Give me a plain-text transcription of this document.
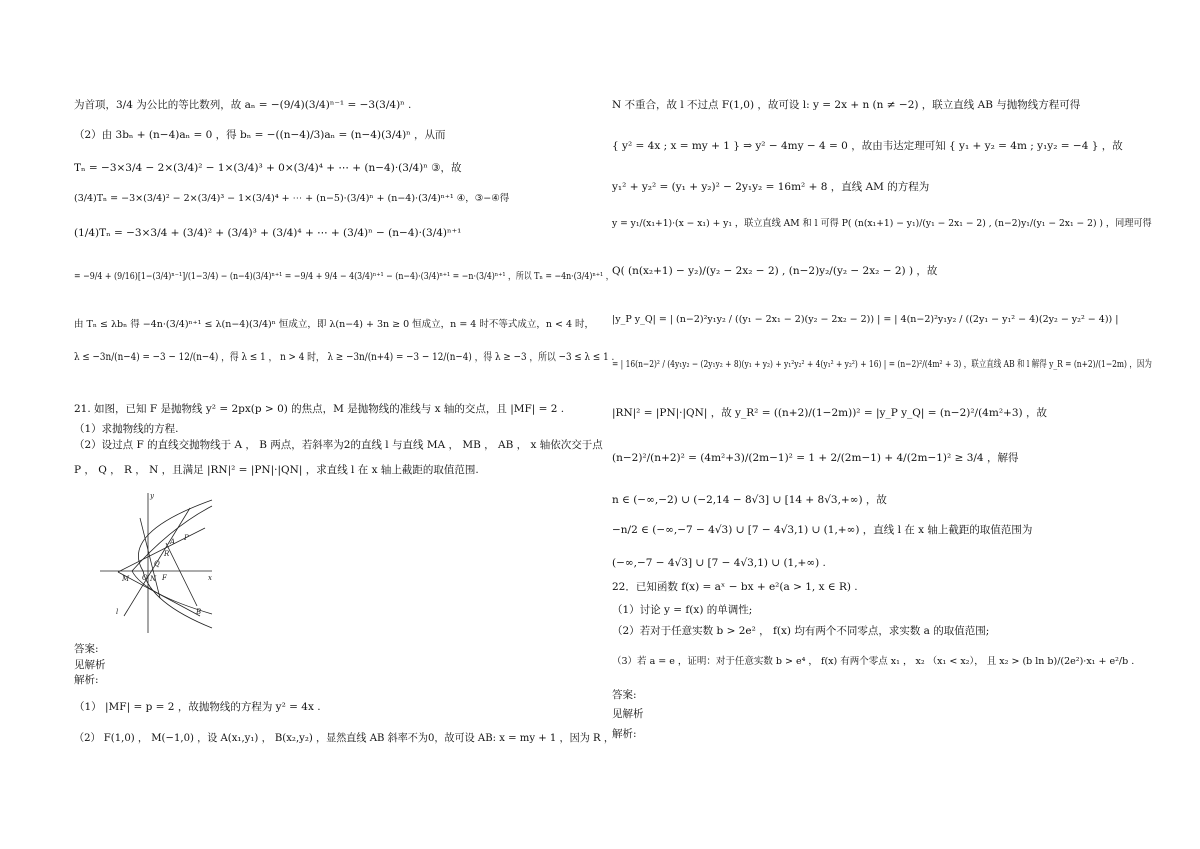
为首项，3/4 为公比的等比数列，故 aₙ = −(9/4)(3/4)ⁿ⁻¹ = −3(3/4)ⁿ .
（2）由 3bₙ + (n−4)aₙ = 0 ，得 bₙ = −((n−4)/3)aₙ = (n−4)(3/4)ⁿ ，从而
Tₙ = −3×3/4 − 2×(3/4)² − 1×(3/4)³ + 0×(3/4)⁴ + ⋯ + (n−4)·(3/4)ⁿ ③，故
(3/4)Tₙ = −3×(3/4)² − 2×(3/4)³ − 1×(3/4)⁴ + ⋯ + (n−5)·(3/4)ⁿ + (n−4)·(3/4)ⁿ⁺¹ ④，③−④得
(1/4)Tₙ = −3×3/4 + (3/4)² + (3/4)³ + (3/4)⁴ + ⋯ + (3/4)ⁿ − (n−4)·(3/4)ⁿ⁺¹
= −9/4 + (9/16)[1−(3/4)ⁿ⁻¹]/(1−3/4) − (n−4)(3/4)ⁿ⁺¹ = −9/4 + 9/4 − 4(3/4)ⁿ⁺¹ − (n−4)·(3/4)ⁿ⁺¹ = −n·(3/4)ⁿ⁺¹ ，所以 Tₙ = −4n·(3/4)ⁿ⁺¹ ，
由 Tₙ ≤ λbₙ 得 −4n·(3/4)ⁿ⁺¹ ≤ λ(n−4)(3/4)ⁿ 恒成立，即 λ(n−4) + 3n ≥ 0 恒成立，n = 4 时不等式成立，n < 4 时，
λ ≤ −3n/(n−4) = −3 − 12/(n−4) ，得 λ ≤ 1 ， n > 4 时， λ ≥ −3n/(n+4) = −3 − 12/(n−4) ，得 λ ≥ −3 ，所以 −3 ≤ λ ≤ 1 .
21. 如图，已知 F 是抛物线 y² = 2px(p > 0) 的焦点，M 是抛物线的准线与 x 轴的交点，且 |MF| = 2 .
（1）求抛物线的方程.
（2）设过点 F 的直线交抛物线于 A ， B 两点，若斜率为2的直线 l 与直线 MA ， MB ， AB ， x 轴依次交于点
P ， Q ， R ， N ，且满足 |RN|² = |PN|·|QN| ，求直线 l 在 x 轴上截距的取值范围.
y
x
M O N F
P
R
A
Q
B
l
答案:
见解析
解析:
（1） |MF| = p = 2 ，故抛物线的方程为 y² = 4x .
（2） F(1,0) ， M(−1,0) ，设 A(x₁,y₁) ， B(x₂,y₂) ，显然直线 AB 斜率不为0，故可设 AB: x = my + 1 ，因为 R ，
N 不重合，故 l 不过点 F(1,0) ，故可设 l: y = 2x + n (n ≠ −2) ，联立直线 AB 与抛物线方程可得
{ y² = 4x ; x = my + 1 } ⇒ y² − 4my − 4 = 0 ，故由韦达定理可知 { y₁ + y₂ = 4m ; y₁y₂ = −4 } ，故
y₁² + y₂² = (y₁ + y₂)² − 2y₁y₂ = 16m² + 8 ，直线 AM 的方程为
y = y₁/(x₁+1)·(x − x₁) + y₁ ，联立直线 AM 和 l 可得 P( (n(x₁+1) − y₁)/(y₁ − 2x₁ − 2) , (n−2)y₁/(y₁ − 2x₁ − 2) ) ，同理可得
Q( (n(x₂+1) − y₂)/(y₂ − 2x₂ − 2) , (n−2)y₂/(y₂ − 2x₂ − 2) ) ，故
|y_P y_Q| = | (n−2)²y₁y₂ / ((y₁ − 2x₁ − 2)(y₂ − 2x₂ − 2)) | = | 4(n−2)²y₁y₂ / ((2y₁ − y₁² − 4)(2y₂ − y₂² − 4)) |
= | 16(n−2)² / (4y₁y₂ − (2y₁y₂ + 8)(y₁ + y₂) + y₁²y₂² + 4(y₁² + y₂²) + 16) | = (n−2)²/(4m² + 3) ，联立直线 AB 和 l 解得 y_R = (n+2)/(1−2m) ，因为
|RN|² = |PN|·|QN| ，故 y_R² = ((n+2)/(1−2m))² = |y_P y_Q| = (n−2)²/(4m²+3) ，故
(n−2)²/(n+2)² = (4m²+3)/(2m−1)² = 1 + 2/(2m−1) + 4/(2m−1)² ≥ 3/4 ，解得
n ∈ (−∞,−2) ∪ (−2,14 − 8√3] ∪ [14 + 8√3,+∞) ，故
−n/2 ∈ (−∞,−7 − 4√3) ∪ [7 − 4√3,1) ∪ (1,+∞) ，直线 l 在 x 轴上截距的取值范围为
(−∞,−7 − 4√3] ∪ [7 − 4√3,1) ∪ (1,+∞) .
22．已知函数 f(x) = aˣ − bx + e²(a > 1, x ∈ R) .
（1）讨论 y = f(x) 的单调性;
（2）若对于任意实数 b > 2e² ， f(x) 均有两个不同零点，求实数 a 的取值范围;
（3）若 a = e ，证明：对于任意实数 b > e⁴ ， f(x) 有两个零点 x₁ ， x₂ （x₁ < x₂）， 且 x₂ > (b ln b)/(2e²)·x₁ + e²/b .
答案:
见解析
解析:
